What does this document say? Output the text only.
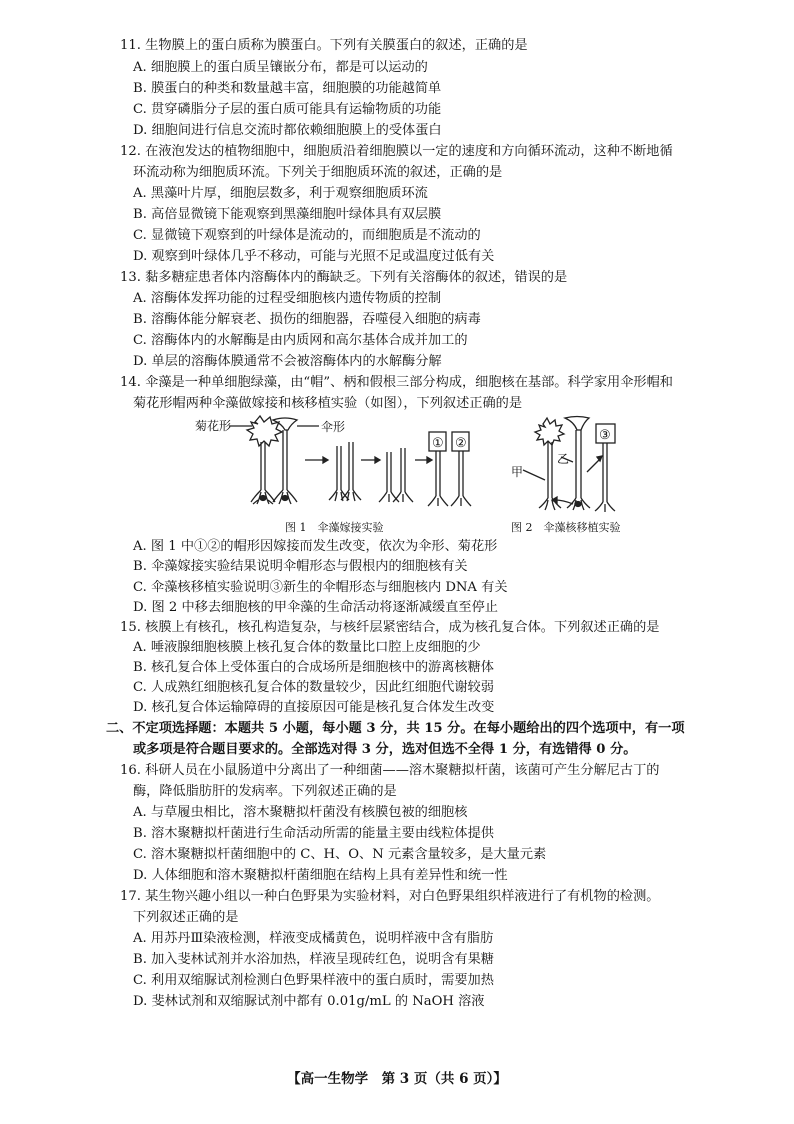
11. 生物膜上的蛋白质称为膜蛋白。下列有关膜蛋白的叙述，正确的是
A. 细胞膜上的蛋白质呈镶嵌分布，都是可以运动的
B. 膜蛋白的种类和数量越丰富，细胞膜的功能越简单
C. 贯穿磷脂分子层的蛋白质可能具有运输物质的功能
D. 细胞间进行信息交流时都依赖细胞膜上的受体蛋白
12. 在液泡发达的植物细胞中，细胞质沿着细胞膜以一定的速度和方向循环流动，这种不断地循
环流动称为细胞质环流。下列关于细胞质环流的叙述，正确的是
A. 黑藻叶片厚，细胞层数多，利于观察细胞质环流
B. 高倍显微镜下能观察到黑藻细胞叶绿体具有双层膜
C. 显微镜下观察到的叶绿体是流动的，而细胞质是不流动的
D. 观察到叶绿体几乎不移动，可能与光照不足或温度过低有关
13. 黏多糖症患者体内溶酶体内的酶缺乏。下列有关溶酶体的叙述，错误的是
A. 溶酶体发挥功能的过程受细胞核内遗传物质的控制
B. 溶酶体能分解衰老、损伤的细胞器，吞噬侵入细胞的病毒
C. 溶酶体内的水解酶是由内质网和高尔基体合成并加工的
D. 单层的溶酶体膜通常不会被溶酶体内的水解酶分解
14. 伞藻是一种单细胞绿藻，由“帽”、柄和假根三部分构成，细胞核在基部。科学家用伞形帽和
菊花形帽两种伞藻做嫁接和核移植实验（如图），下列叙述正确的是
菊花形	伞形
① ②
③
甲
乙
图 1　伞藻嫁接实验	图 2　伞藻核移植实验
A. 图 1 中①②的帽形因嫁接而发生改变，依次为伞形、菊花形
B. 伞藻嫁接实验结果说明伞帽形态与假根内的细胞核有关
C. 伞藻核移植实验说明③新生的伞帽形态与细胞核内 DNA 有关
D. 图 2 中移去细胞核的甲伞藻的生命活动将逐渐减缓直至停止
15. 核膜上有核孔，核孔构造复杂，与核纤层紧密结合，成为核孔复合体。下列叙述正确的是
A. 唾液腺细胞核膜上核孔复合体的数量比口腔上皮细胞的少
B. 核孔复合体上受体蛋白的合成场所是细胞核中的游离核糖体
C. 人成熟红细胞核孔复合体的数量较少，因此红细胞代谢较弱
D. 核孔复合体运输障碍的直接原因可能是核孔复合体发生改变
二、不定项选择题：本题共 5 小题，每小题 3 分，共 15 分。在每小题给出的四个选项中，有一项
或多项是符合题目要求的。全部选对得 3 分，选对但选不全得 1 分，有选错得 0 分。
16. 科研人员在小鼠肠道中分离出了一种细菌——溶木聚糖拟杆菌，该菌可产生分解尼古丁的
酶，降低脂肪肝的发病率。下列叙述正确的是
A. 与草履虫相比，溶木聚糖拟杆菌没有核膜包被的细胞核
B. 溶木聚糖拟杆菌进行生命活动所需的能量主要由线粒体提供
C. 溶木聚糖拟杆菌细胞中的 C、H、O、N 元素含量较多，是大量元素
D. 人体细胞和溶木聚糖拟杆菌细胞在结构上具有差异性和统一性
17. 某生物兴趣小组以一种白色野果为实验材料，对白色野果组织样液进行了有机物的检测。
下列叙述正确的是
A. 用苏丹Ⅲ染液检测，样液变成橘黄色，说明样液中含有脂肪
B. 加入斐林试剂并水浴加热，样液呈现砖红色，说明含有果糖
C. 利用双缩脲试剂检测白色野果样液中的蛋白质时，需要加热
D. 斐林试剂和双缩脲试剂中都有 0.01g/mL 的 NaOH 溶液
【高一生物学　第 3 页（共 6 页）】
